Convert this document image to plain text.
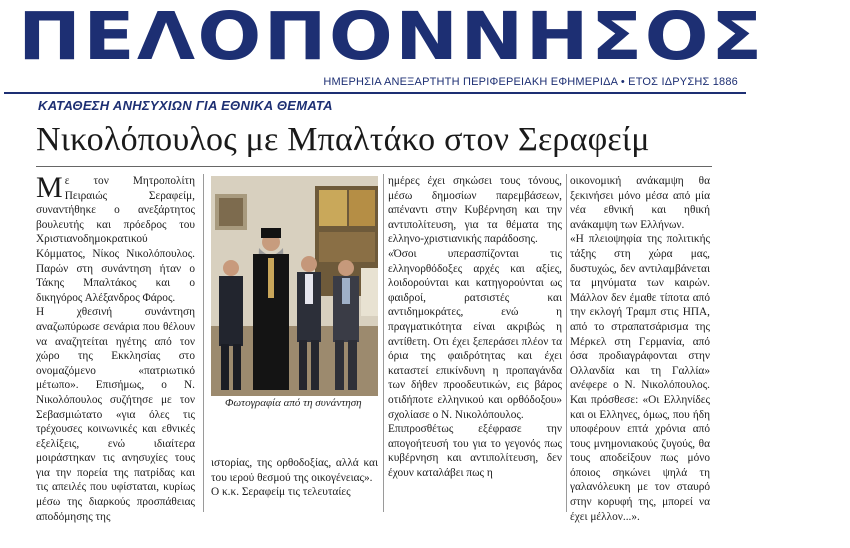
ΠΕΛΟΠΟΝΝΗΣΟΣ
ΗΜΕΡΗΣΙΑ ΑΝΕΞΑΡΤΗΤΗ ΠΕΡΙΦΕΡΕΙΑΚΗ ΕΦΗΜΕΡΙΔΑ • ΕΤΟΣ ΙΔΡΥΣΗΣ 1886
ΚΑΤΑΘΕΣΗ ΑΝΗΣΥΧΙΩΝ ΓΙΑ ΕΘΝΙΚΑ ΘΕΜΑΤΑ
Νικολόπουλος με Μπαλτάκο στον Σεραφείμ

Με τον Μητροπολίτη Πειραιώς Σεραφείμ, συναντήθηκε ο ανεξάρτητος βουλευτής και πρόεδρος του Χριστιανοδημοκρατικού Κόμματος, Νίκος Νικολόπουλος. Παρών στη συνάντηση ήταν ο Τάκης Μπαλτάκος και ο δικηγόρος Αλέξανδρος Φάρος.

Η χθεσινή συνάντηση αναζωπύρωσε σενάρια που θέλουν να αναζητείται ηγέτης από τον χώρο της Εκκλησίας στο ονομαζόμενο «πατριωτικό μέτωπο». Επισήμως, ο Ν. Νικολόπουλος συζήτησε με τον Σεβασμιώτατο «για όλες τις τρέχουσες κοινωνικές και εθνικές εξελίξεις, ενώ ιδιαίτερα μοιράστηκαν τις ανησυχίες τους για την πορεία της πατρίδας και τις απειλές που υφίσταται, κυρίως μέσω της διαρκούς προσπάθειας αποδόμησης της

Φωτογραφία από τη συνάντηση

ιστορίας, της ορθοδοξίας, αλλά και του ιερού θεσμού της οικογένειας».

Ο κ.κ. Σεραφείμ τις τελευταίες

ημέρες έχει σηκώσει τους τόνους, μέσω δημοσίων παρεμβάσεων, απέναντι στην Κυβέρνηση και την αντιπολίτευση, για τα θέματα της ελληνο-χριστιανικής παράδοσης.

«Όσοι υπερασπίζονται τις ελληνορθόδοξες αρχές και αξίες, λοιδορούνται και κατηγορούνται ως φαιδροί, ρατσιστές και αντιδημοκράτες, ενώ η πραγματικότητα είναι ακριβώς η αντίθετη. Οτι έχει ξεπεράσει πλέον τα όρια της φαιδρότητας και έχει καταστεί επικίνδυνη η προπαγάνδα των δήθεν προοδευτικών, εις βάρος οτιδήποτε ελληνικού και ορθόδοξου» σχολίασε ο Ν. Νικολόπουλος.

Επιπροσθέτως εξέφρασε την απογοήτευσή του για το γεγονός πως κυβέρνηση και αντιπολίτευση, δεν έχουν καταλάβει πως η

οικονομική ανάκαμψη θα ξεκινήσει μόνο μέσα από μία νέα εθνική και ηθική ανάκαμψη των Ελλήνων.

«Η πλειοψηφία της πολιτικής τάξης στη χώρα μας, δυστυχώς, δεν αντιλαμβάνεται τα μηνύματα των καιρών. Μάλλον δεν έμαθε τίποτα από την εκλογή Τραμπ στις ΗΠΑ, από το στραπατσάρισμα της Μέρκελ στη Γερμανία, από όσα προδιαγράφονται στην Ολλανδία και τη Γαλλία» ανέφερε ο Ν. Νικολόπουλος. Και πρόσθεσε: «Οι Ελληνίδες και οι Ελληνες, όμως, που ήδη υποφέρουν επτά χρόνια από τους μνημονιακούς ζυγούς, θα τους αποδείξουν πως μόνο όποιος σηκώνει ψηλά τη γαλανόλευκη με τον σταυρό στην κορυφή της, μπορεί να έχει μέλλον...».
